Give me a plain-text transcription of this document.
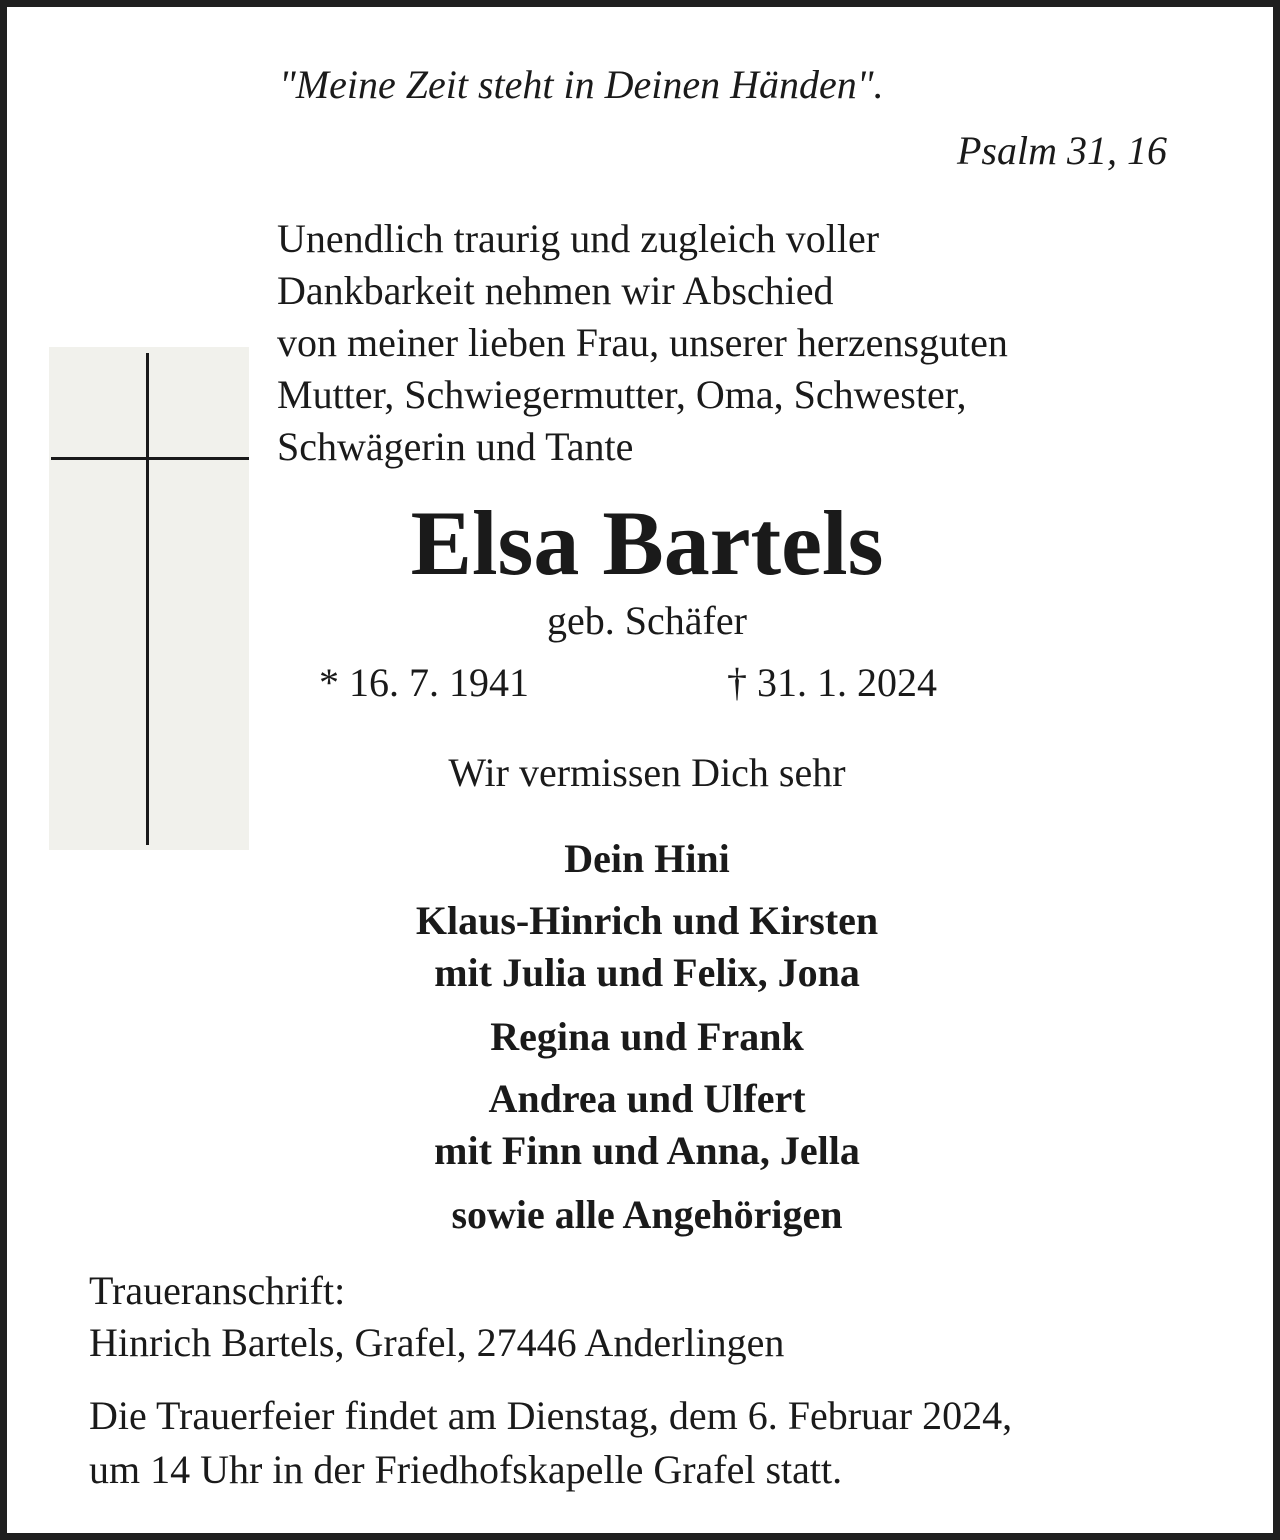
"Meine Zeit steht in Deinen Händen".

Psalm 31, 16

Unendlich traurig und zugleich voller
Dankbarkeit nehmen wir Abschied
von meiner lieben Frau, unserer herzensguten
Mutter, Schwiegermutter, Oma, Schwester,
Schwägerin und Tante

Elsa Bartels

geb. Schäfer

* 16. 7. 1941	† 31. 1. 2024

Wir vermissen Dich sehr

Dein Hini

Klaus-Hinrich und Kirsten
mit Julia und Felix, Jona

Regina und Frank

Andrea und Ulfert
mit Finn und Anna, Jella

sowie alle Angehörigen

Traueranschrift:
Hinrich Bartels, Grafel, 27446 Anderlingen

Die Trauerfeier findet am Dienstag, dem 6. Februar 2024,
um 14 Uhr in der Friedhofskapelle Grafel statt.
